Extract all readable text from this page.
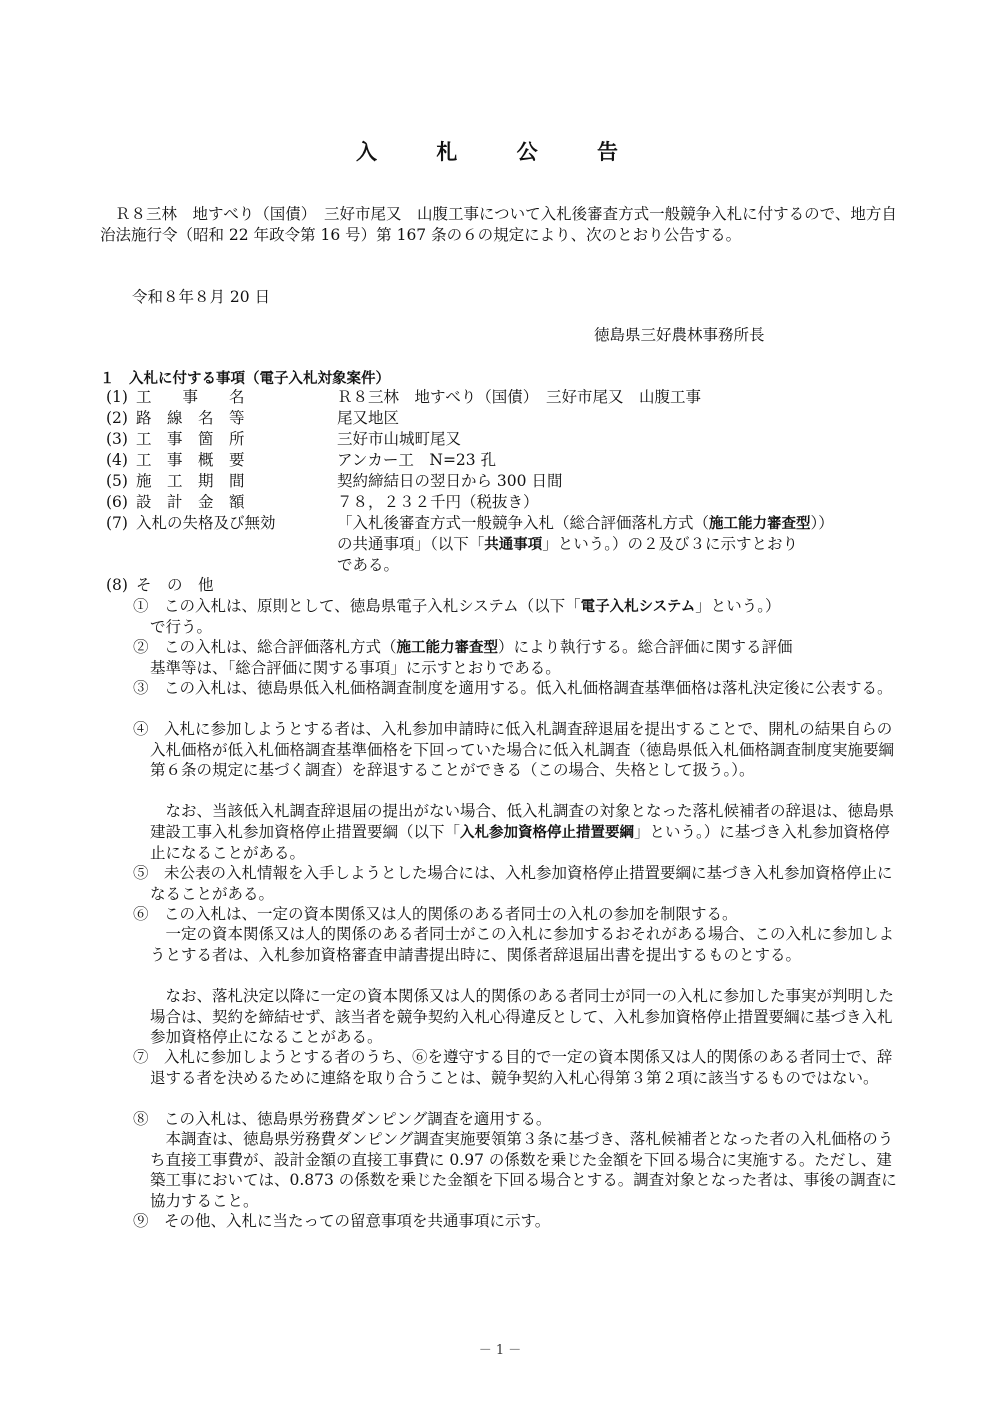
入 札 公 告
Ｒ８三林　地すべり（国債）　三好市尾又　山腹工事について入札後審査方式一般競争入札に付するので、地方自治法施行令（昭和 22 年政令第 16 号）第 167 条の６の規定により、次のとおり公告する。
令和８年８月 20 日
徳島県三好農林事務所長
１　入札に付する事項（電子入札対象案件）
(1) 工　　事　　名	Ｒ８三林　地すべり（国債）　三好市尾又　山腹工事
(2) 路　線　名　等	尾又地区
(3) 工　事　箇　所	三好市山城町尾又
(4) 工　事　概　要	アンカー工　N=23 孔
(5) 施　工　期　間	契約締結日の翌日から 300 日間
(6) 設　計　金　額	７８，２３２千円（税抜き）
(7) 入札の失格及び無効	「入札後審査方式一般競争入札（総合評価落札方式（施工能力審査型））
の共通事項」（以下「共通事項」という。）の２及び３に示すとおり
である。
(8) そ　の　他
①　この入札は、原則として、徳島県電子入札システム（以下「電子入札システム」という。）
で行う。
②　この入札は、総合評価落札方式（施工能力審査型）により執行する。総合評価に関する評価
基準等は、「総合評価に関する事項」に示すとおりである。
③　この入札は、徳島県低入札価格調査制度を適用する。低入札価格調査基準価格は落札決定後に公表する。
④　入札に参加しようとする者は、入札参加申請時に低入札調査辞退届を提出することで、開札の結果自らの入札価格が低入札価格調査基準価格を下回っていた場合に低入札調査（徳島県低入札価格調査制度実施要綱第６条の規定に基づく調査）を辞退することができる（この場合、失格として扱う。）。
　なお、当該低入札調査辞退届の提出がない場合、低入札調査の対象となった落札候補者の辞退は、徳島県建設工事入札参加資格停止措置要綱（以下「入札参加資格停止措置要綱」という。）に基づき入札参加資格停止になることがある。
⑤　未公表の入札情報を入手しようとした場合には、入札参加資格停止措置要綱に基づき入札参加資格停止になることがある。
⑥　この入札は、一定の資本関係又は人的関係のある者同士の入札の参加を制限する。
　一定の資本関係又は人的関係のある者同士がこの入札に参加するおそれがある場合、この入札に参加しようとする者は、入札参加資格審査申請書提出時に、関係者辞退届出書を提出するものとする。
　なお、落札決定以降に一定の資本関係又は人的関係のある者同士が同一の入札に参加した事実が判明した場合は、契約を締結せず、該当者を競争契約入札心得違反として、入札参加資格停止措置要綱に基づき入札参加資格停止になることがある。
⑦　入札に参加しようとする者のうち、⑥を遵守する目的で一定の資本関係又は人的関係のある者同士で、辞退する者を決めるために連絡を取り合うことは、競争契約入札心得第３第２項に該当するものではない。
⑧　この入札は、徳島県労務費ダンピング調査を適用する。
　本調査は、徳島県労務費ダンピング調査実施要領第３条に基づき、落札候補者となった者の入札価格のうち直接工事費が、設計金額の直接工事費に 0.97 の係数を乗じた金額を下回る場合に実施する。ただし、建築工事においては、0.873 の係数を乗じた金額を下回る場合とする。調査対象となった者は、事後の調査に協力すること。
⑨　その他、入札に当たっての留意事項を共通事項に示す。
－ 1 －
